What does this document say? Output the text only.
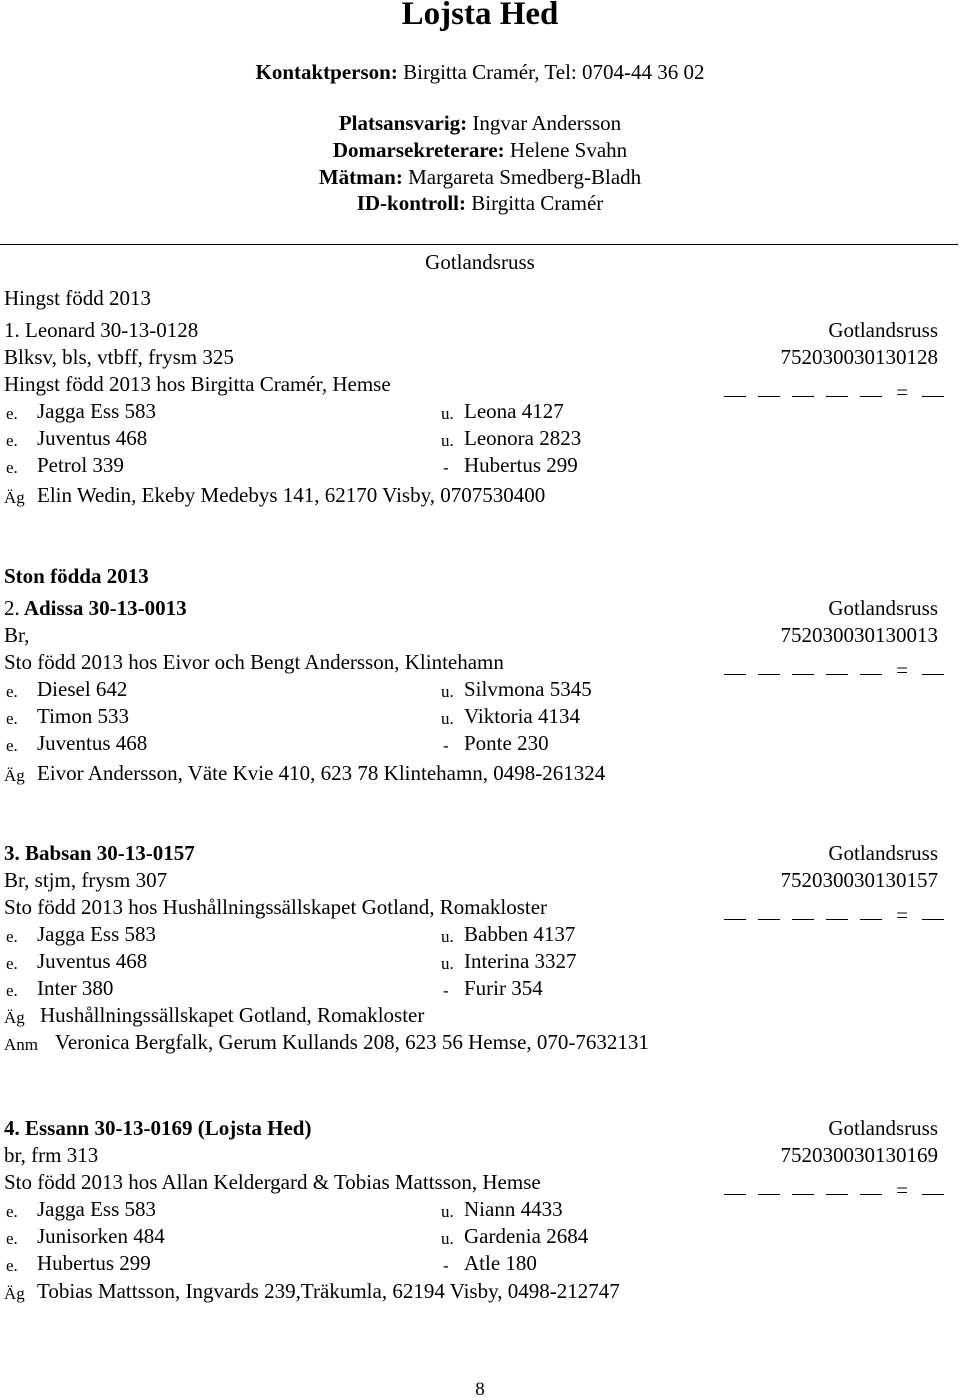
Lojsta Hed
Kontaktperson: Birgitta Cramér, Tel: 0704-44 36 02
Platsansvarig: Ingvar Andersson
Domarsekreterare: Helene Svahn
Mätman: Margareta Smedberg-Bladh
ID-kontroll: Birgitta Cramér
Gotlandsruss
Hingst född 2013
1. Leonard 30-13-0128	Gotlandsruss
Blksv, bls, vtbff, frysm 325	752030030130128
Hingst född 2013 hos Birgitta Cramér, Hemse	=
e. Jagga Ess 583	u. Leona 4127
e. Juventus 468	u. Leonora 2823
e. Petrol 339	- Hubertus 299
Äg Elin Wedin, Ekeby Medebys 141, 62170 Visby, 0707530400
Ston födda 2013
2. Adissa 30-13-0013	Gotlandsruss
Br,	752030030130013
Sto född 2013 hos Eivor och Bengt Andersson, Klintehamn	=
e. Diesel 642	u. Silvmona 5345
e. Timon 533	u. Viktoria 4134
e. Juventus 468	- Ponte 230
Äg Eivor Andersson, Väte Kvie 410, 623 78 Klintehamn, 0498-261324
3. Babsan 30-13-0157	Gotlandsruss
Br, stjm, frysm 307	752030030130157
Sto född 2013 hos Hushållningssällskapet Gotland, Romakloster	=
e. Jagga Ess 583	u. Babben 4137
e. Juventus 468	u. Interina 3327
e. Inter 380	- Furir 354
Äg Hushållningssällskapet Gotland, Romakloster
Anm Veronica Bergfalk, Gerum Kullands 208, 623 56 Hemse, 070-7632131
4. Essann 30-13-0169 (Lojsta Hed)	Gotlandsruss
br, frm 313	752030030130169
Sto född 2013 hos Allan Keldergard & Tobias Mattsson, Hemse	=
e. Jagga Ess 583	u. Niann 4433
e. Junisorken 484	u. Gardenia 2684
e. Hubertus 299	- Atle 180
Äg Tobias Mattsson, Ingvards 239,Träkumla, 62194 Visby, 0498-212747
8
